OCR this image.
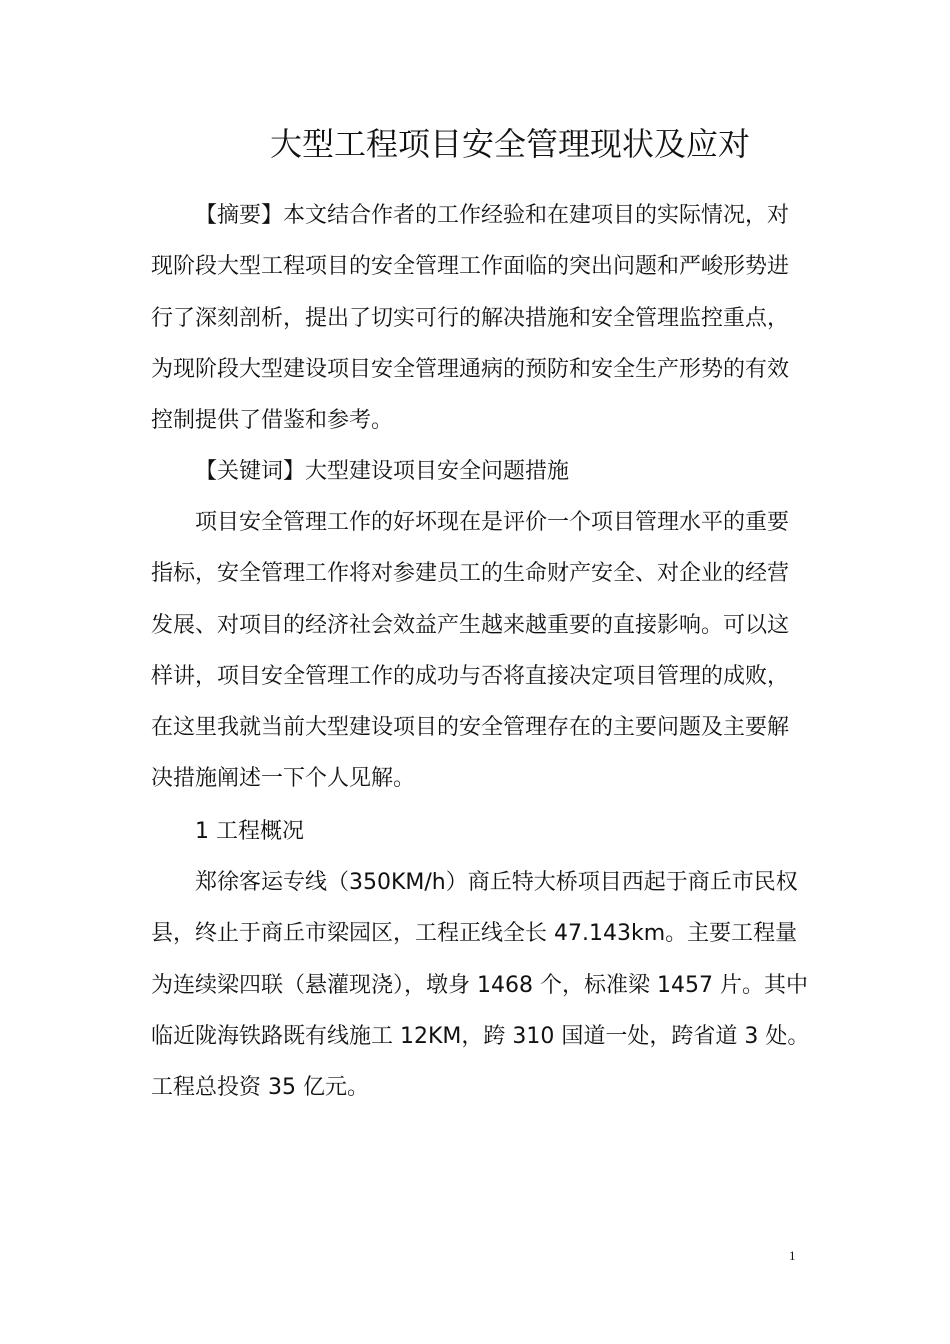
大型工程项目安全管理现状及应对
【摘要】本文结合作者的工作经验和在建项目的实际情况，对
现阶段大型工程项目的安全管理工作面临的突出问题和严峻形势进
行了深刻剖析，提出了切实可行的解决措施和安全管理监控重点，
为现阶段大型建设项目安全管理通病的预防和安全生产形势的有效
控制提供了借鉴和参考。
【关键词】大型建设项目安全问题措施
项目安全管理工作的好坏现在是评价一个项目管理水平的重要
指标，安全管理工作将对参建员工的生命财产安全、对企业的经营
发展、对项目的经济社会效益产生越来越重要的直接影响。可以这
样讲，项目安全管理工作的成功与否将直接决定项目管理的成败，
在这里我就当前大型建设项目的安全管理存在的主要问题及主要解
决措施阐述一下个人见解。
1 工程概况
郑徐客运专线（350KM/h）商丘特大桥项目西起于商丘市民权
县，终止于商丘市梁园区，工程正线全长 47.143km。主要工程量
为连续梁四联（悬灌现浇），墩身 1468 个，标准梁 1457 片。其中
临近陇海铁路既有线施工 12KM，跨 310 国道一处，跨省道 3 处。
工程总投资 35 亿元。
1
